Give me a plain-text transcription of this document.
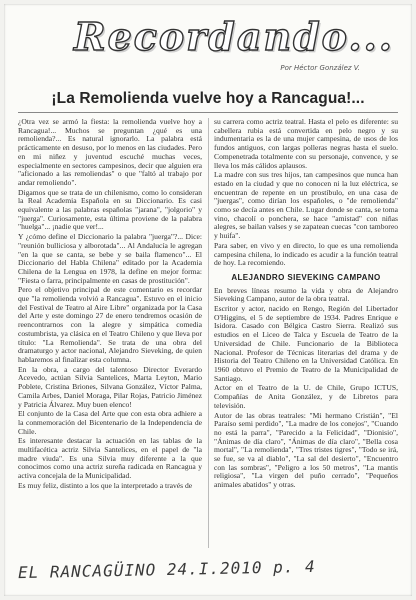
Recordando...
Por Héctor González V.
¡La Remolienda vuelve hoy a Rancagua!...

¿Otra vez se armó la fiesta: la remolienda vuelve hoy a Rancagua!... Muchos se preguntan ¿qué es una remolienda?... Es natural ignorarlo. La palabra está prácticamente en desuso, por lo menos en las ciudades. Pero en mi niñez y juventud escuché muchas veces, especialmente en sectores campesinos, decir que alguien era "aficionado a las remoliendas" o que "faltó al trabajo por andar remoliendo".

Digamos que se trata de un chilenismo, como lo consideran la Real Academia Española en su Diccionario. Es casi equivalente a las palabras españolas "jarana", "jolgorio" y "juerga". Curiosamente, esta última proviene de la palabra "huelga"... ¡nadie que ver!...

Y ¿cómo define el Diccionario la palabra "juerga"?... Dice: "reunión bulliciosa y alborotada"... Al Andalucía le agregan "en la que se canta, se bebe y se baila flamenco"... El Diccionario del Habla Chilena" editado por la Academia Chilena de la Lengua en 1978, la define en mejor forma: "Fiesta o farra, principalmente en casas de prostitución".

Pero el objetivo principal de este comentario es recordar que "la remolienda volvió a Rancagua". Estuvo en el inicio del Festival de Teatro al Aire Libre" organizada por la Casa del Arte y este domingo 27 de enero tendremos ocasión de reencontrarnos con la alegre y simpática comedia costumbrista, ya clásica en el Teatro Chileno y que lleva por título: "La Remolienda". Se trata de una obra del dramaturgo y actor nacional, Alejandro Sieveking, de quien hablaremos al finalizar esta columna.

En la obra, a cargo del talentoso Director Everardo Acevedo, actúan Silvia Santelices, Marta Leyton, Mario Poblete, Cristina Briones, Silvana González, Víctor Palma, Camila Arbes, Daniel Moraga, Pilar Rojas, Patricio Jiménez y Patricia Álvarez. Muy buen elenco!

El conjunto de la Casa del Arte que con esta obra adhiere a la conmemoración del Bicentenario de la Independencia de Chile.

Es interesante destacar la actuación en las tablas de la multifacética actriz Silvia Santelices, en el papel de "la madre viuda". Es una Silvia muy diferente a la que conocimos como una actriz sureña radicada en Rancagua y activa concejala de la Municipalidad.

Es muy feliz, distinto a los que la interpretado a través de

su carrera como actriz teatral. Hasta el pelo es diferente: su cabellera rubia está convertida en pelo negro y su indumentaria es la de una mujer campesina, de usos de los fundos antiguos, con largas polleras negras hasta el suelo. Compenetrada totalmente con su personaje, convence, y se lleva los más cálidos aplausos.

La madre con sus tres hijos, tan campesinos que nunca han estado en la ciudad y que no conocen ni la luz eléctrica, se encuentran de repente en un prostíbulo, en una casa de "juergas", como dirían los españoles, o "de remolienda" como se decía antes en Chile. Lugar donde se canta, se toma vino, chacolí o ponchera, se hace "amistad" con niñas alegres, se bailan valses y se zapatean cuecas "con tamboreo y huifa".

Para saber, en vivo y en directo, lo que es una remolienda campesina chilena, lo indicado es acudir a la función teatral de hoy. La recomiendo.

ALEJANDRO SIEVEKING CAMPANO

En breves líneas resumo la vida y obra de Alejandro Sieveking Campano, autor de la obra teatral.

Escritor y actor, nacido en Rengo, Región del Libertador O'Higgins, el 5 de septiembre de 1934. Padres Enrique e Isidora. Casado con Bélgica Castro Sierra. Realizó sus estudios en el Liceo de Talca y Escuela de Teatro de la Universidad de Chile. Funcionario de la Biblioteca Nacional. Profesor de Técnicas literarias del drama y de Historia del Teatro Chileno en la Universidad Católica. En 1960 obtuvo el Premio de Teatro de la Municipalidad de Santiago.

Actor en el Teatro de la U. de Chile, Grupo ICTUS, Compañías de Anita González, y de Libretos para televisión.

Autor de las obras teatrales: "Mi hermano Cristián", "El Paraíso semi perdido", "La madre de los conejos", "Cuando no está la parra", "Parecido a la Felicidad", "Dionisio", "Ánimas de día claro", "Ánimas de día claro", "Bella cosa mortal", "La remolienda", "Tres tristes tigres", "Todo se irá, se fue, se va al diablo", "La sal del desierto", "Encuentro con las sombras", "Peligro a los 50 metros", "La mantis religiosa", "La virgen del puño cerrado", "Pequeños animales abatidos" y otras.

EL RANCAGÜINO 24.I.2010 p. 4
